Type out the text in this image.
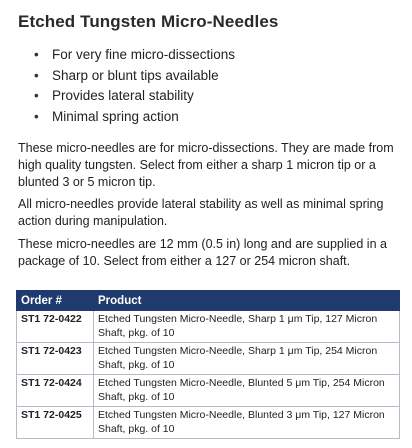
Etched Tungsten Micro-Needles
• For very fine micro-dissections
• Sharp or blunt tips available
• Provides lateral stability
• Minimal spring action

These micro-needles are for micro-dissections. They are made from high quality tungsten. Select from either a sharp 1 micron tip or a blunted 3 or 5 micron tip.

All micro-needles provide lateral stability as well as minimal spring action during manipulation.

These micro-needles are 12 mm (0.5 in) long and are supplied in a package of 10. Select from either a 127 or 254 micron shaft.

Order #	Product
ST1 72-0422	Etched Tungsten Micro-Needle, Sharp 1 μm Tip, 127 Micron Shaft, pkg. of 10
ST1 72-0423	Etched Tungsten Micro-Needle, Sharp 1 μm Tip, 254 Micron Shaft, pkg. of 10
ST1 72-0424	Etched Tungsten Micro-Needle, Blunted 5 μm Tip, 254 Micron Shaft, pkg. of 10
ST1 72-0425	Etched Tungsten Micro-Needle, Blunted 3 μm Tip, 127 Micron Shaft, pkg. of 10
